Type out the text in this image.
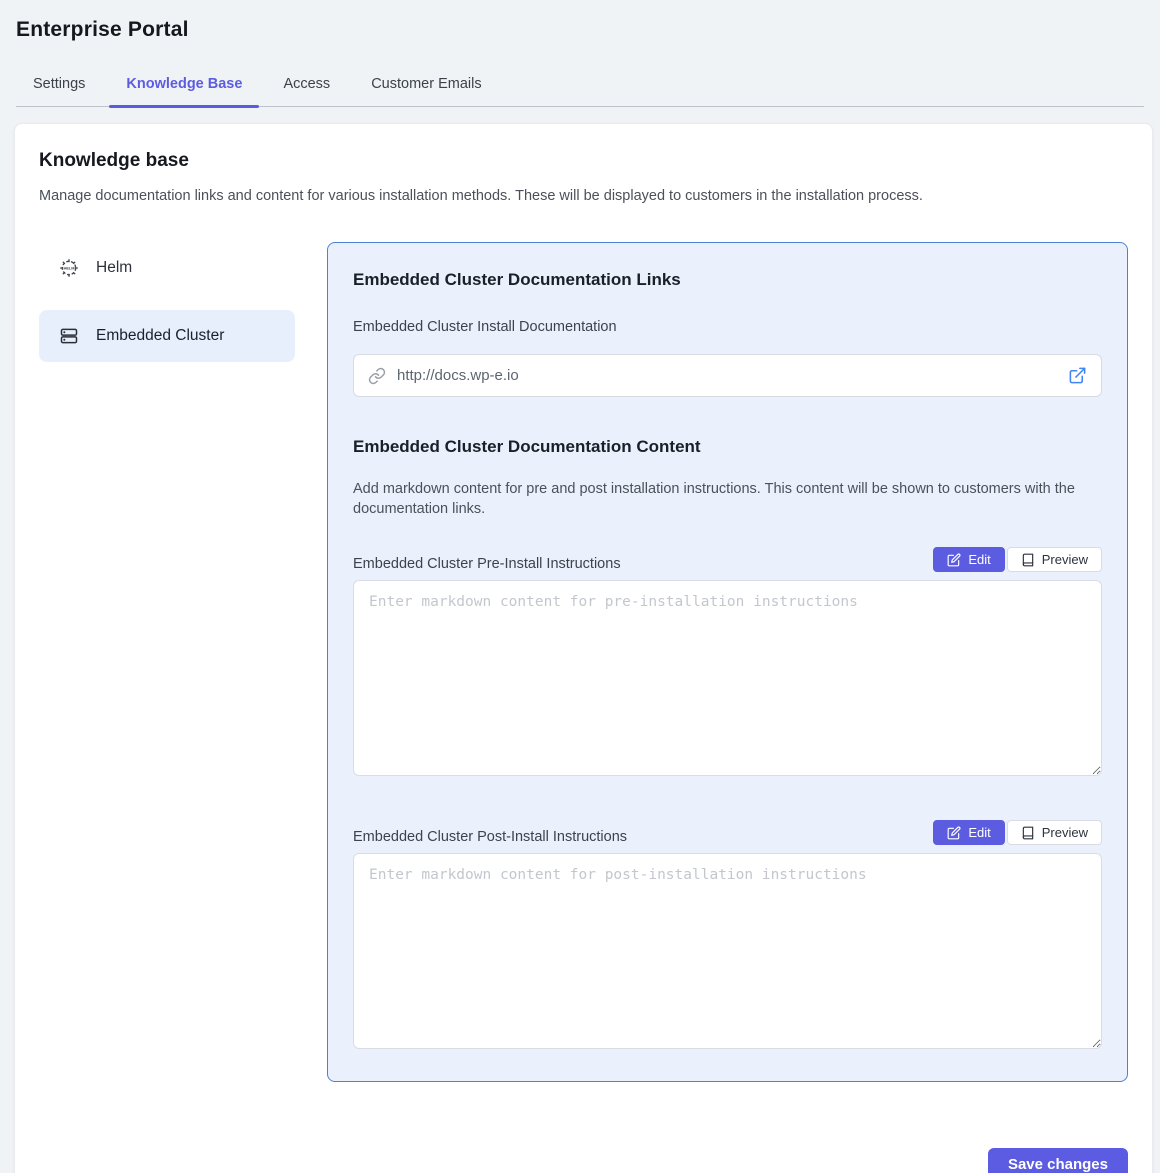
Enterprise Portal
Settings	Knowledge Base	Access	Customer Emails
Knowledge base
Manage documentation links and content for various installation methods. These will be displayed to customers in the installation process.
HELM Helm
Embedded Cluster
Embedded Cluster Documentation Links
Embedded Cluster Install Documentation
http://docs.wp-e.io
Embedded Cluster Documentation Content
Add markdown content for pre and post installation instructions. This content will be shown to customers with the documentation links.
Embedded Cluster Pre-Install Instructions	Edit	Preview
Enter markdown content for pre-installation instructions
Embedded Cluster Post-Install Instructions	Edit	Preview
Enter markdown content for post-installation instructions
Save changes
